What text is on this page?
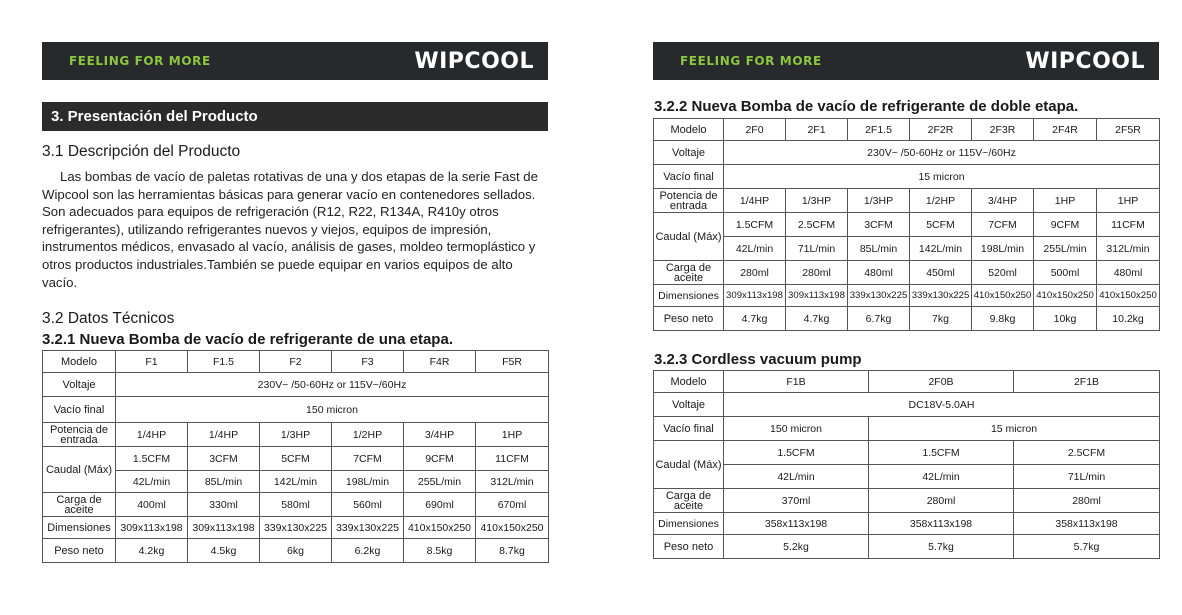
FEELING FOR MORE	WIPCOOL
3. Presentación del Producto
3.1 Descripción del Producto
Las bombas de vacío de paletas rotativas de una y dos etapas de la serie Fast de Wipcool son las herramientas básicas para generar vacío en contenedores sellados. Son adecuados para equipos de refrigeración (R12, R22, R134A, R410y otros refrigerantes), utilizando refrigerantes nuevos y viejos, equipos de impresión, instrumentos médicos, envasado al vacío, análisis de gases, moldeo termoplástico y otros productos industriales.También se puede equipar en varios equipos de alto vacío.
3.2 Datos Técnicos
3.2.1 Nueva Bomba de vacío de refrigerante de una etapa.
Modelo	F1	F1.5	F2	F3	F4R	F5R
Voltaje	230V~ /50-60Hz or 115V~/60Hz					
Vacío final	150 micron					
Potencia de
entrada	1/4HP	1/4HP	1/3HP	1/2HP	3/4HP	1HP
Caudal (Máx)	1.5CFM	3CFM	5CFM	7CFM	9CFM	11CFM
	42L/min	85L/min	142L/min	198L/min	255L/min	312L/min
Carga de
aceite	400ml	330ml	580ml	560ml	690ml	670ml
Dimensiones	309x113x198	309x113x198	339x130x225	339x130x225	410x150x250	410x150x250
Peso neto	4.2kg	4.5kg	6kg	6.2kg	8.5kg	8.7kg
FEELING FOR MORE	WIPCOOL
3.2.2 Nueva Bomba de vacío de refrigerante de doble etapa.
Modelo	2F0	2F1	2F1.5	2F2R	2F3R	2F4R	2F5R
Voltaje	230V~ /50-60Hz or 115V~/60Hz						
Vacío final	15 micron						
Potencia de
entrada	1/4HP	1/3HP	1/3HP	1/2HP	3/4HP	1HP	1HP
Caudal (Máx)	1.5CFM	2.5CFM	3CFM	5CFM	7CFM	9CFM	11CFM
	42L/min	71L/min	85L/min	142L/min	198L/min	255L/min	312L/min
Carga de
aceite	280ml	280ml	480ml	450ml	520ml	500ml	480ml
Dimensiones	309x113x198	309x113x198	339x130x225	339x130x225	410x150x250	410x150x250	410x150x250
Peso neto	4.7kg	4.7kg	6.7kg	7kg	9.8kg	10kg	10.2kg
3.2.3 Cordless vacuum pump
Modelo	F1B	2F0B	2F1B
Voltaje	DC18V-5.0AH		
Vacío final	150 micron	15 micron	
Caudal (Máx)	1.5CFM	1.5CFM	2.5CFM
	42L/min	42L/min	71L/min
Carga de
aceite	370ml	280ml	280ml
Dimensiones	358x113x198	358x113x198	358x113x198
Peso neto	5.2kg	5.7kg	5.7kg
